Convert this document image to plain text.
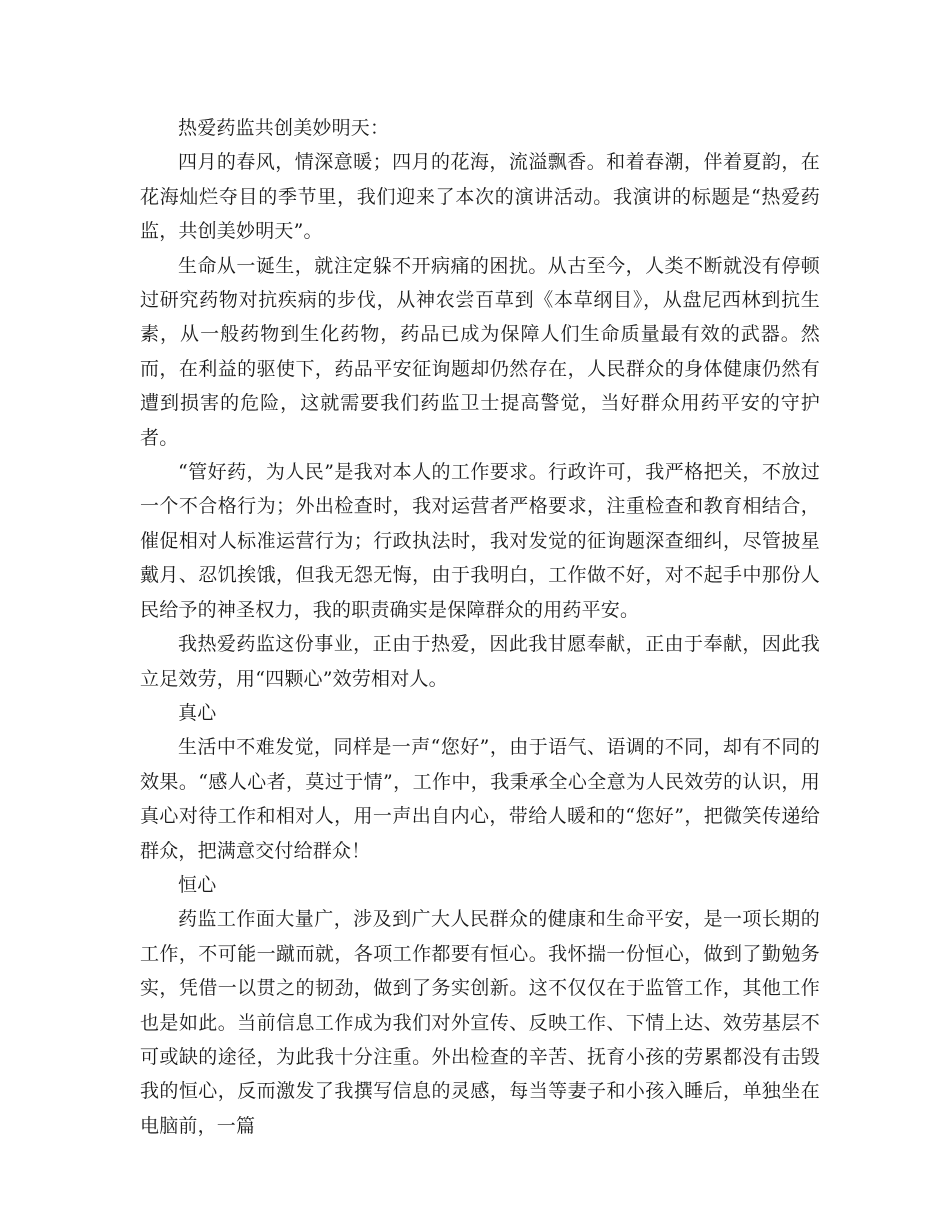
热爱药监共创美妙明天：

四月的春风，情深意暖；四月的花海，流溢飘香。和着春潮，伴着夏韵，在花海灿烂夺目的季节里，我们迎来了本次的演讲活动。我演讲的标题是“热爱药监，共创美妙明天”。

生命从一诞生，就注定躲不开病痛的困扰。从古至今，人类不断就没有停顿过研究药物对抗疾病的步伐，从神农尝百草到《本草纲目》，从盘尼西林到抗生素，从一般药物到生化药物，药品已成为保障人们生命质量最有效的武器。然而，在利益的驱使下，药品平安征询题却仍然存在，人民群众的身体健康仍然有遭到损害的危险，这就需要我们药监卫士提高警觉，当好群众用药平安的守护者。

“管好药，为人民”是我对本人的工作要求。行政许可，我严格把关，不放过一个不合格行为；外出检查时，我对运营者严格要求，注重检查和教育相结合，催促相对人标准运营行为；行政执法时，我对发觉的征询题深查细纠，尽管披星戴月、忍饥挨饿，但我无怨无悔，由于我明白，工作做不好，对不起手中那份人民给予的神圣权力，我的职责确实是保障群众的用药平安。

我热爱药监这份事业，正由于热爱，因此我甘愿奉献，正由于奉献，因此我立足效劳，用“四颗心”效劳相对人。

真心

生活中不难发觉，同样是一声“您好”，由于语气、语调的不同，却有不同的效果。“感人心者，莫过于情”，工作中，我秉承全心全意为人民效劳的认识，用真心对待工作和相对人，用一声出自内心，带给人暖和的“您好”，把微笑传递给群众，把满意交付给群众！

恒心

药监工作面大量广，涉及到广大人民群众的健康和生命平安，是一项长期的工作，不可能一蹴而就，各项工作都要有恒心。我怀揣一份恒心，做到了勤勉务实，凭借一以贯之的韧劲，做到了务实创新。这不仅仅在于监管工作，其他工作也是如此。当前信息工作成为我们对外宣传、反映工作、下情上达、效劳基层不可或缺的途径，为此我十分注重。外出检查的辛苦、抚育小孩的劳累都没有击毁我的恒心，反而激发了我撰写信息的灵感，每当等妻子和小孩入睡后，单独坐在电脑前，一篇
